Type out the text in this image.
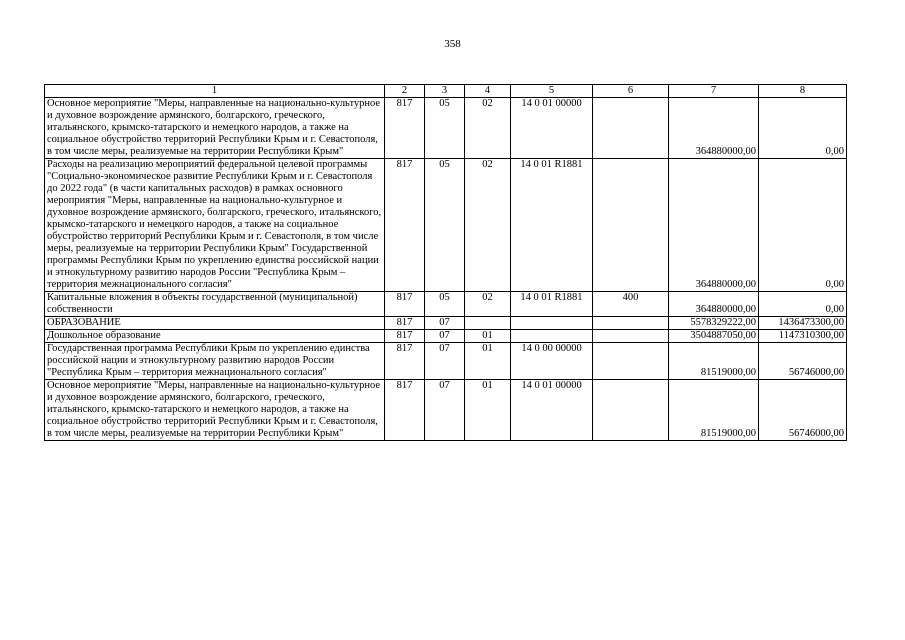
358
1	2	3	4	5	6	7	8
Основное мероприятие "Меры, направленные на национально-культурное и духовное возрождение армянского, болгарского, греческого, итальянского, крымско-татарского и немецкого народов, а также на социальное обустройство территорий Республики Крым и г. Севастополя, в том числе меры, реализуемые на территории Республики Крым"	817	05	02	14 0 01 00000		364880000,00	0,00
Расходы на реализацию мероприятий федеральной целевой программы "Социально-экономическое развитие Республики Крым и г. Севастополя до 2022 года" (в части капитальных расходов) в рамках основного мероприятия "Меры, направленные на национально-культурное и духовное возрождение армянского, болгарского, греческого, итальянского, крымско-татарского и немецкого народов, а также на социальное обустройство территорий Республики Крым и г. Севастополя, в том числе меры, реализуемые на территории Республики Крым" Государственной программы Республики Крым по укреплению единства российской нации и этнокультурному развитию народов России "Республика Крым – территория межнационального согласия"	817	05	02	14 0 01 R1881		364880000,00	0,00
Капитальные вложения в объекты государственной (муниципальной) собственности	817	05	02	14 0 01 R1881	400	364880000,00	0,00
ОБРАЗОВАНИЕ	817	07				5578329222,00	1436473300,00
Дошкольное образование	817	07	01			3504887050,00	1147310300,00
Государственная программа Республики Крым по укреплению единства российской нации и этнокультурному развитию народов России "Республика Крым – территория межнационального согласия"	817	07	01	14 0 00 00000		81519000,00	56746000,00
Основное мероприятие "Меры, направленные на национально-культурное и духовное возрождение армянского, болгарского, греческого, итальянского, крымско-татарского и немецкого народов, а также на социальное обустройство территорий Республики Крым и г. Севастополя, в том числе меры, реализуемые на территории Республики Крым"	817	07	01	14 0 01 00000		81519000,00	56746000,00
